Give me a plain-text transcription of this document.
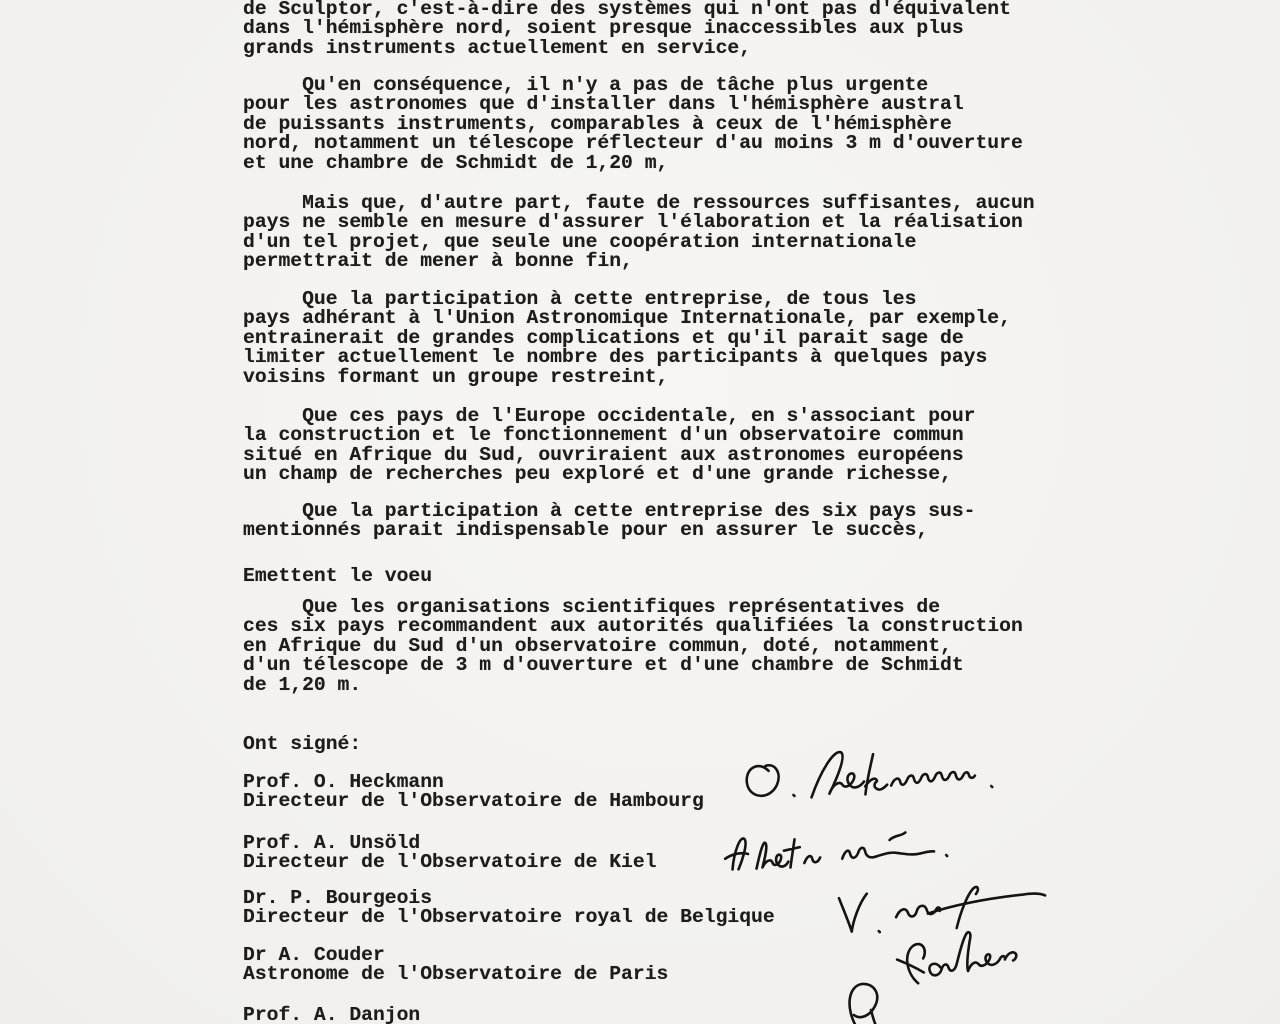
de Sculptor, c'est-à-dire des systèmes qui n'ont pas d'équivalent
dans l'hémisphère nord, soient presque inaccessibles aux plus
grands instruments actuellement en service,
Qu'en conséquence, il n'y a pas de tâche plus urgente
pour les astronomes que d'installer dans l'hémisphère austral
de puissants instruments, comparables à ceux de l'hémisphère
nord, notamment un télescope réflecteur d'au moins 3 m d'ouverture
et une chambre de Schmidt de 1,20 m,
Mais que, d'autre part, faute de ressources suffisantes, aucun
pays ne semble en mesure d'assurer l'élaboration et la réalisation
d'un tel projet, que seule une coopération internationale
permettrait de mener à bonne fin,
Que la participation à cette entreprise, de tous les
pays adhérant à l'Union Astronomique Internationale, par exemple,
entrainerait de grandes complications et qu'il parait sage de
limiter actuellement le nombre des participants à quelques pays
voisins formant un groupe restreint,
Que ces pays de l'Europe occidentale, en s'associant pour
la construction et le fonctionnement d'un observatoire commun
situé en Afrique du Sud, ouvriraient aux astronomes européens
un champ de recherches peu exploré et d'une grande richesse,
Que la participation à cette entreprise des six pays sus-
mentionnés parait indispensable pour en assurer le succès,
Emettent le voeu
Que les organisations scientifiques représentatives de
ces six pays recommandent aux autorités qualifiées la construction
en Afrique du Sud d'un observatoire commun, doté, notamment,
d'un télescope de 3 m d'ouverture et d'une chambre de Schmidt
de 1,20 m.
Ont signé:
Prof. O. Heckmann
Directeur de l'Observatoire de Hambourg
Prof. A. Unsöld
Directeur de l'Observatoire de Kiel
Dr. P. Bourgeois
Directeur de l'Observatoire royal de Belgique
Dr A. Couder
Astronome de l'Observatoire de Paris
Prof. A. Danjon
